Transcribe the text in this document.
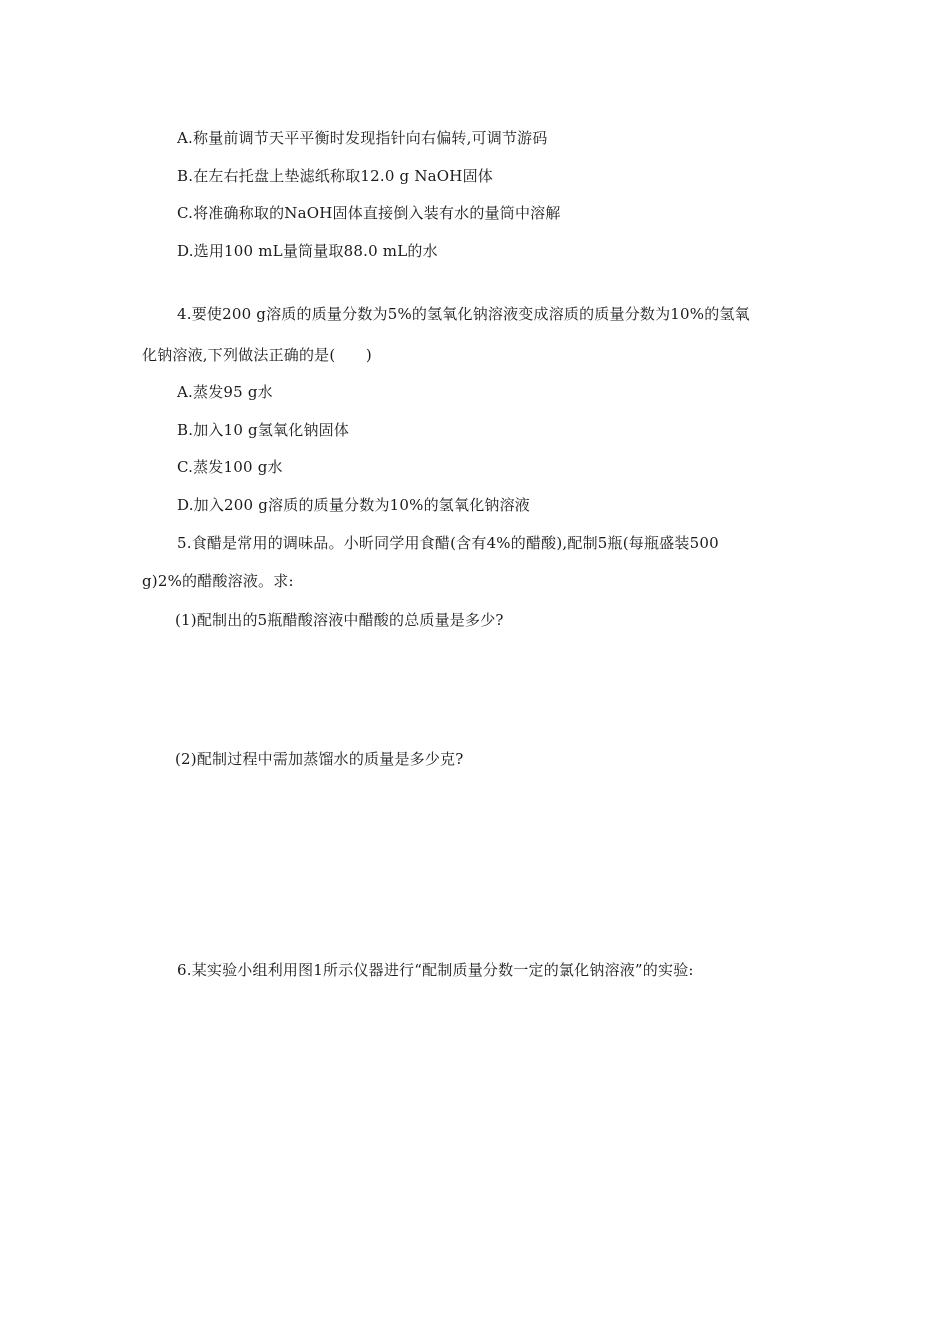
A.称量前调节天平平衡时发现指针向右偏转,可调节游码
B.在左右托盘上垫滤纸称取12.0 g NaOH固体
C.将准确称取的NaOH固体直接倒入装有水的量筒中溶解
D.选用100 mL量筒量取88.0 mL的水
4.要使200 g溶质的质量分数为5%的氢氧化钠溶液变成溶质的质量分数为10%的氢氧
化钠溶液,下列做法正确的是(　　)
A.蒸发95 g水
B.加入10 g氢氧化钠固体
C.蒸发100 g水
D.加入200 g溶质的质量分数为10%的氢氧化钠溶液
5.食醋是常用的调味品。小昕同学用食醋(含有4%的醋酸),配制5瓶(每瓶盛装500
g)2%的醋酸溶液。求:
(1)配制出的5瓶醋酸溶液中醋酸的总质量是多少?
(2)配制过程中需加蒸馏水的质量是多少克?
6.某实验小组利用图1所示仪器进行“配制质量分数一定的氯化钠溶液”的实验:
